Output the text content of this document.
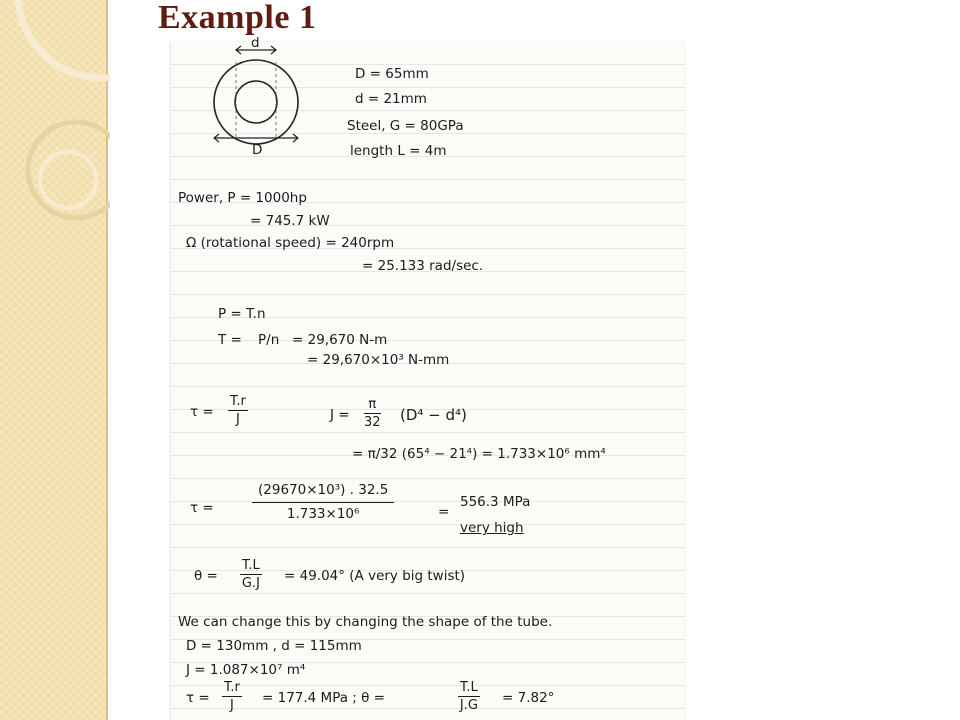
Example 1
d
D
D = 65mm
d = 21mm
Steel, G = 80GPa
length L = 4m
Power, P = 1000hp
= 745.7 kW
Ω (rotational speed) = 240rpm
= 25.133 rad/sec.
P = T.n
T = P/n = 29,670 N-m
= 29,670×10³ N-mm
$\tau = \frac{T.r}{J}$	$J = \frac{\pi}{32} (D^4 - d^4)$
= π/32 (65⁴ − 21⁴) = 1.733×10⁶ mm⁴
τ =	$\frac{\text{(29670×10³) . 32.5}}{\text{1.733×10⁶}}$	=
556.3 MPa
very high
$\theta = \frac{T.L}{G.J} = 49.04^\circ$ (A very big twist)
We can change this by changing the shape of the tube.
D = 130mm , d = 115mm
J = 1.087×10⁷ m⁴
$\tau = \frac{T.r}{J} = 177.4$ MPa ; θ =	$\frac{T.L}{J.G} = 7.82^\circ$
